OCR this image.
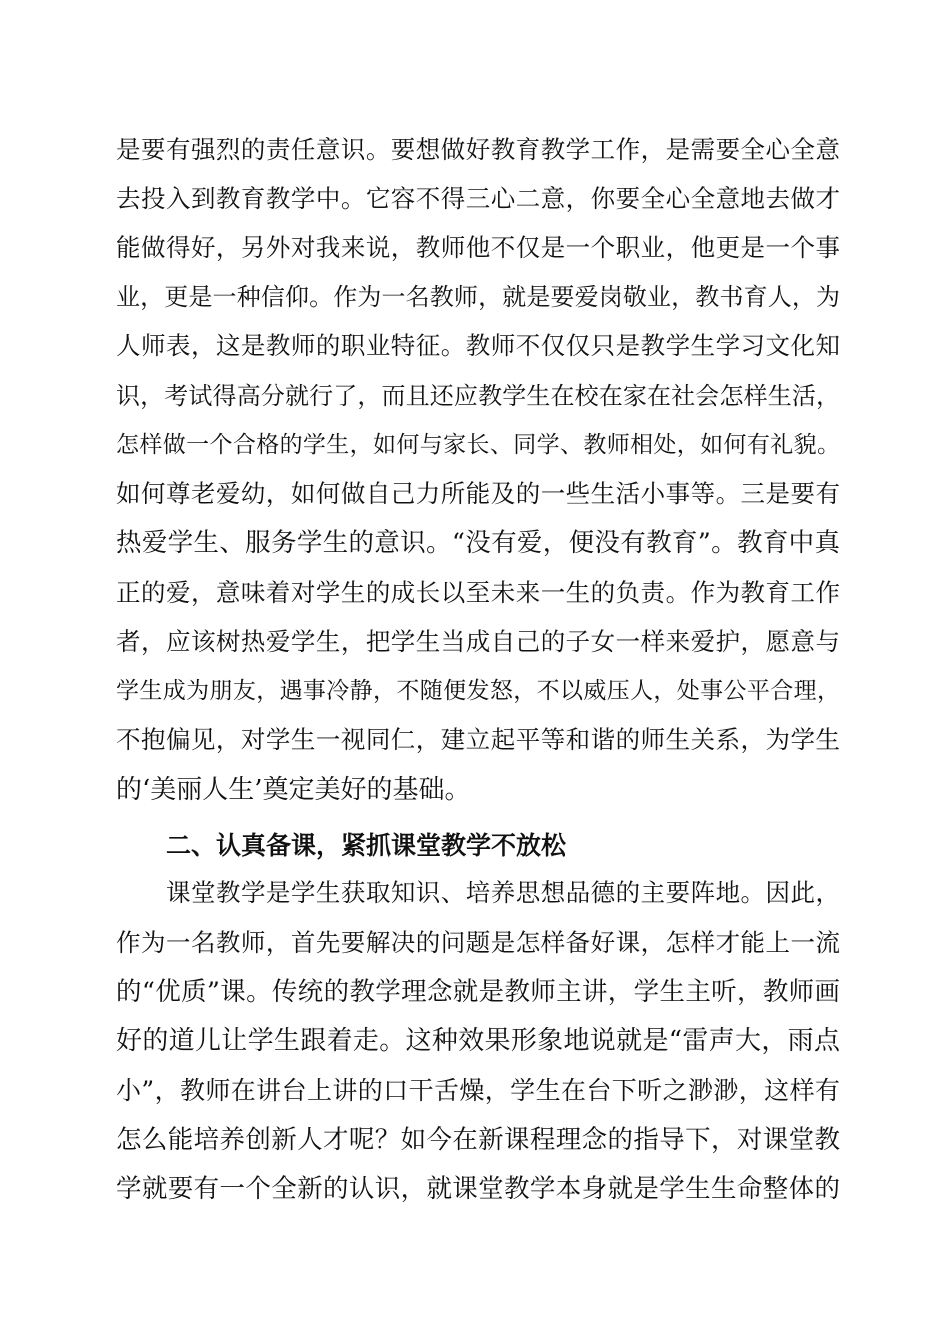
是要有强烈的责任意识。要想做好教育教学工作，是需要全心全意
去投入到教育教学中。它容不得三心二意，你要全心全意地去做才
能做得好，另外对我来说，教师他不仅是一个职业，他更是一个事
业，更是一种信仰。作为一名教师，就是要爱岗敬业，教书育人，为
人师表，这是教师的职业特征。教师不仅仅只是教学生学习文化知
识，考试得高分就行了，而且还应教学生在校在家在社会怎样生活，
怎样做一个合格的学生，如何与家长、同学、教师相处，如何有礼貌。
如何尊老爱幼，如何做自己力所能及的一些生活小事等。三是要有
热爱学生、服务学生的意识。“没有爱，便没有教育”。教育中真
正的爱，意味着对学生的成长以至未来一生的负责。作为教育工作
者，应该树热爱学生，把学生当成自己的子女一样来爱护，愿意与
学生成为朋友，遇事冷静，不随便发怒，不以威压人，处事公平合理，
不抱偏见，对学生一视同仁，建立起平等和谐的师生关系，为学生
的‘美丽人生’奠定美好的基础。
二、认真备课，紧抓课堂教学不放松
课堂教学是学生获取知识、培养思想品德的主要阵地。因此，
作为一名教师，首先要解决的问题是怎样备好课，怎样才能上一流
的“优质”课。传统的教学理念就是教师主讲，学生主听，教师画
好的道儿让学生跟着走。这种效果形象地说就是“雷声大，雨点
小”，教师在讲台上讲的口干舌燥，学生在台下听之渺渺，这样有
怎么能培养创新人才呢？如今在新课程理念的指导下，对课堂教
学就要有一个全新的认识，就课堂教学本身就是学生生命整体的
